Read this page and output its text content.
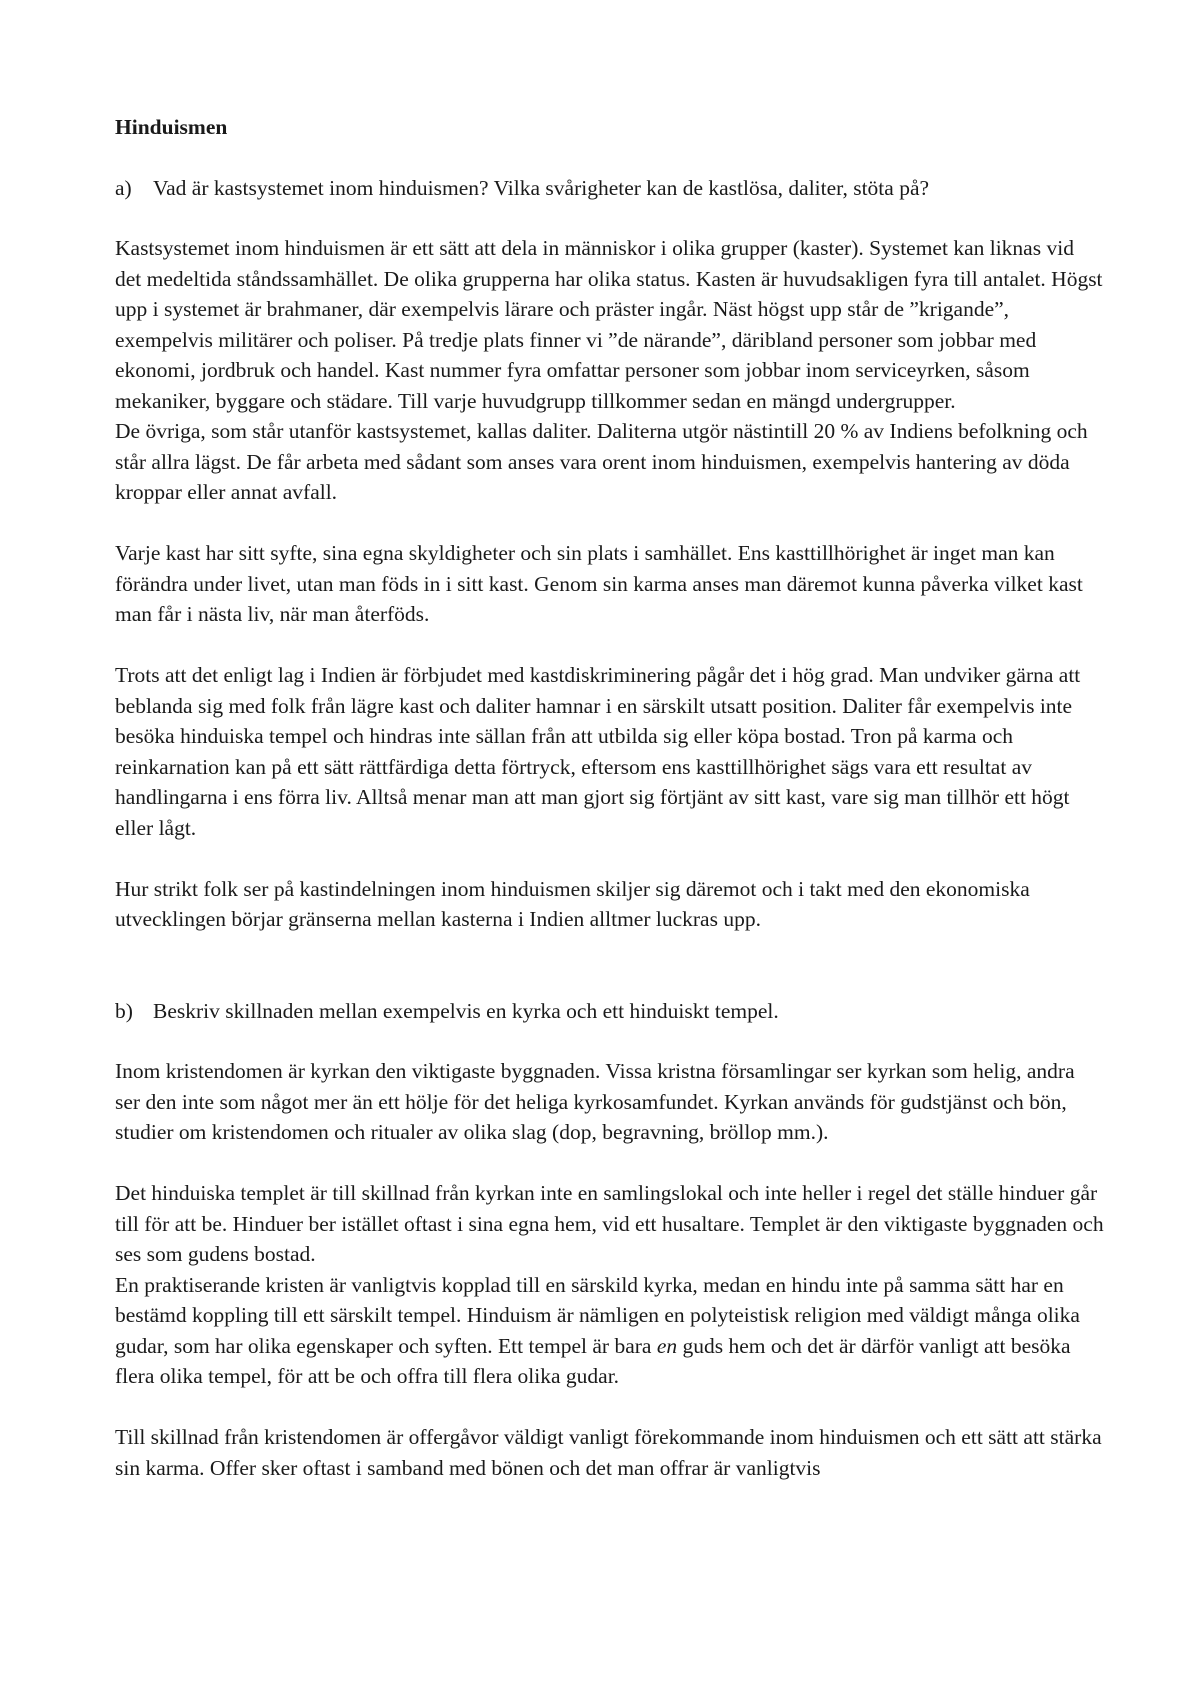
Hinduismen
a) Vad är kastsystemet inom hinduismen? Vilka svårigheter kan de kastlösa, daliter, stöta på?

Kastsystemet inom hinduismen är ett sätt att dela in människor i olika grupper (kaster). Systemet kan liknas vid det medeltida ståndssamhället. De olika grupperna har olika status. Kasten är huvudsakligen fyra till antalet. Högst upp i systemet är brahmaner, där exempelvis lärare och präster ingår. Näst högst upp står de ”krigande”, exempelvis militärer och poliser. På tredje plats finner vi ”de närande”, däribland personer som jobbar med ekonomi, jordbruk och handel. Kast nummer fyra omfattar personer som jobbar inom serviceyrken, såsom mekaniker, byggare och städare. Till varje huvudgrupp tillkommer sedan en mängd undergrupper.

De övriga, som står utanför kastsystemet, kallas daliter. Daliterna utgör nästintill 20 % av Indiens befolkning och står allra lägst. De får arbeta med sådant som anses vara orent inom hinduismen, exempelvis hantering av döda kroppar eller annat avfall.

Varje kast har sitt syfte, sina egna skyldigheter och sin plats i samhället. Ens kasttillhörighet är inget man kan förändra under livet, utan man föds in i sitt kast. Genom sin karma anses man däremot kunna påverka vilket kast man får i nästa liv, när man återföds.

Trots att det enligt lag i Indien är förbjudet med kastdiskriminering pågår det i hög grad. Man undviker gärna att beblanda sig med folk från lägre kast och daliter hamnar i en särskilt utsatt position. Daliter får exempelvis inte besöka hinduiska tempel och hindras inte sällan från att utbilda sig eller köpa bostad. Tron på karma och reinkarnation kan på ett sätt rättfärdiga detta förtryck, eftersom ens kasttillhörighet sägs vara ett resultat av handlingarna i ens förra liv. Alltså menar man att man gjort sig förtjänt av sitt kast, vare sig man tillhör ett högt eller lågt.

Hur strikt folk ser på kastindelningen inom hinduismen skiljer sig däremot och i takt med den ekonomiska utvecklingen börjar gränserna mellan kasterna i Indien alltmer luckras upp.

b) Beskriv skillnaden mellan exempelvis en kyrka och ett hinduiskt tempel.

Inom kristendomen är kyrkan den viktigaste byggnaden. Vissa kristna församlingar ser kyrkan som helig, andra ser den inte som något mer än ett hölje för det heliga kyrkosamfundet. Kyrkan används för gudstjänst och bön, studier om kristendomen och ritualer av olika slag (dop, begravning, bröllop mm.).

Det hinduiska templet är till skillnad från kyrkan inte en samlingslokal och inte heller i regel det ställe hinduer går till för att be. Hinduer ber istället oftast i sina egna hem, vid ett husaltare. Templet är den viktigaste byggnaden och ses som gudens bostad.

En praktiserande kristen är vanligtvis kopplad till en särskild kyrka, medan en hindu inte på samma sätt har en bestämd koppling till ett särskilt tempel. Hinduism är nämligen en polyteistisk religion med väldigt många olika gudar, som har olika egenskaper och syften. Ett tempel är bara en guds hem och det är därför vanligt att besöka flera olika tempel, för att be och offra till flera olika gudar.

Till skillnad från kristendomen är offergåvor väldigt vanligt förekommande inom hinduismen och ett sätt att stärka sin karma. Offer sker oftast i samband med bönen och det man offrar är vanligtvis
